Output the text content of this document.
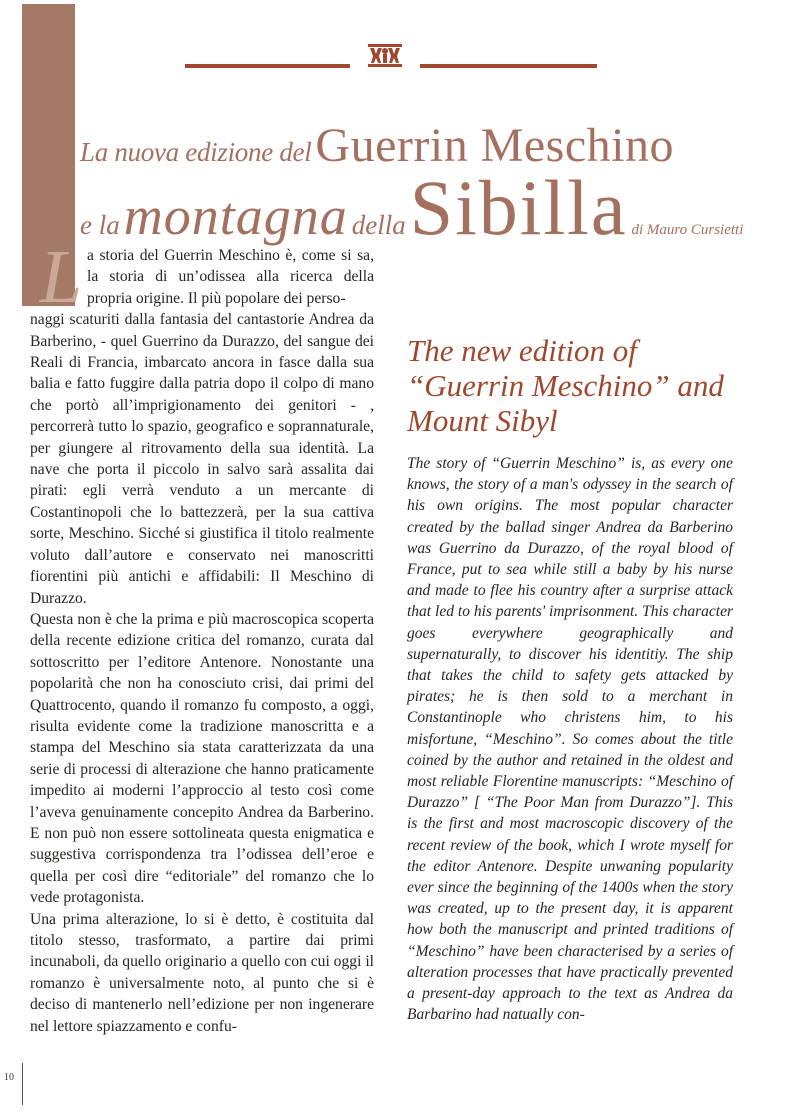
La nuova edizione del Guerrin Meschino
e la montagna della Sibilla di Mauro Cursietti
L a storia del Guerrin Meschino è, come si sa, la storia di un’odissea alla ricerca della propria origine. Il più popolare dei perso-

naggi scaturiti dalla fantasia del cantastorie Andrea da Barberino, - quel Guerrino da Durazzo, del sangue dei Reali di Francia, imbarcato ancora in fasce dalla sua balia e fatto fuggire dalla patria dopo il colpo di mano che portò all’imprigionamento dei genitori - , percorrerà tutto lo spazio, geografico e soprannaturale, per giungere al ritrovamento della sua identità. La nave che porta il piccolo in salvo sarà assalita dai pirati: egli verrà venduto a un mercante di Costantinopoli che lo battezzerà, per la sua cattiva sorte, Meschino. Sicché si giustifica il titolo realmente voluto dall’autore e conservato nei manoscritti fiorentini più antichi e affidabili: Il Meschino di Durazzo.

Questa non è che la prima e più macroscopica scoperta della recente edizione critica del romanzo, curata dal sottoscritto per l’editore Antenore. Nonostante una popolarità che non ha conosciuto crisi, dai primi del Quattrocento, quando il romanzo fu composto, a oggi, risulta evidente come la tradizione manoscritta e a stampa del Meschino sia stata caratterizzata da una serie di processi di alterazione che hanno praticamente impedito ai moderni l’approccio al testo così come l’aveva genuinamente concepito Andrea da Barberino. E non può non essere sottolineata questa enigmatica e suggestiva corrispondenza tra l’odissea dell’eroe e quella per così dire “editoriale” del romanzo che lo vede protagonista.

Una prima alterazione, lo si è detto, è costituita dal titolo stesso, trasformato, a partire dai primi incunaboli, da quello originario a quello con cui oggi il romanzo è universalmente noto, al punto che si è deciso di mantenerlo nell’edizione per non ingenerare nel lettore spiazzamento e confu-

The new edition of “Guerrin Meschino” and Mount Sibyl

The story of “Guerrin Meschino” is, as every one knows, the story of a man's odyssey in the search of his own origins. The most popular character created by the ballad singer Andrea da Barberino was Guerrino da Durazzo, of the royal blood of France, put to sea while still a baby by his nurse and made to flee his country after a surprise attack that led to his parents' imprisonment. This character goes everywhere geographically and supernaturally, to discover his identitiy. The ship that takes the child to safety gets attacked by pirates; he is then sold to a merchant in Constantinople who christens him, to his misfortune, “Meschino”. So comes about the title coined by the author and retained in the oldest and most reliable Florentine manuscripts: “Meschino of Durazzo” [ “The Poor Man from Durazzo”]. This is the first and most macroscopic discovery of the recent review of the book, which I wrote myself for the editor Antenore. Despite unwaning popularity ever since the beginning of the 1400s when the story was created, up to the present day, it is apparent how both the manuscript and printed traditions of “Meschino” have been characterised by a series of alteration processes that have practically prevented a present-day approach to the text as Andrea da Barbarino had natually con-

10
